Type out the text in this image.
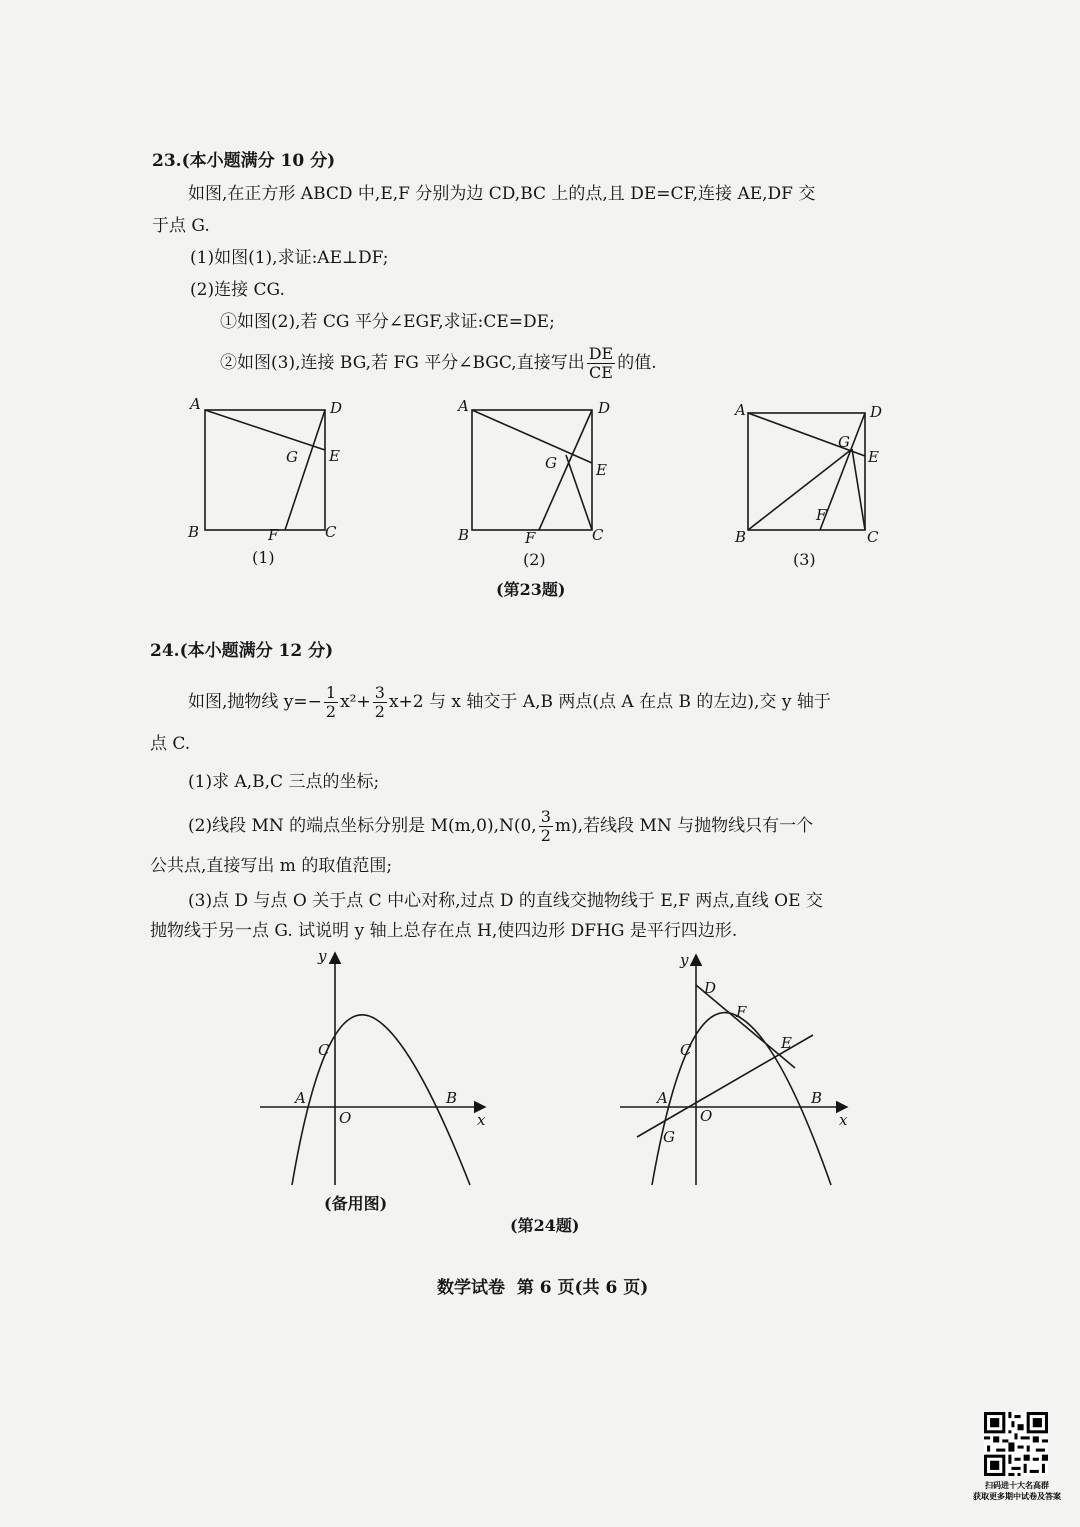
23.(本小题满分 10 分)
如图,在正方形 ABCD 中,E,F 分别为边 CD,BC 上的点,且 DE=CF,连接 AE,DF 交
于点 G.
(1)如图(1),求证:AE⊥DF;
(2)连接 CG.
①如图(2),若 CG 平分∠EGF,求证:CE=DE;
②如图(3),连接 BG,若 FG 平分∠BGC,直接写出 $\frac{DE}{CE}$ 的值.
A	D
E
G
B	F	C
A	D
E
G
B	F	C
A	D
E
G
B
F
C
(1)	(2)	(3)
(第23题)
24.(本小题满分 12 分)
如图,抛物线 $y=- \frac{1}{2} x^2+ \frac{3}{2} x+2$ 与 x 轴交于 A,B 两点(点 A 在点 B 的左边),交 y 轴于
点 C.
(1)求 A,B,C 三点的坐标;
(2)线段 MN 的端点坐标分别是 M(m,0),N(0, $\frac{3}{2} m$),若线段 MN 与抛物线只有一个
公共点,直接写出 m 的取值范围;
(3)点 D 与点 O 关于点 C 中心对称,过点 D 的直线交抛物线于 E,F 两点,直线 OE 交
抛物线于另一点 G. 试说明 y 轴上总存在点 H,使四边形 DFHG 是平行四边形.
y
x
O
A	B
C
(备用图)
y
x
O
A	B
C
D
F
E
G
(第24题)
数学试卷  第 6 页(共 6 页)
扫码进十大名高群
获取更多期中试卷及答案
